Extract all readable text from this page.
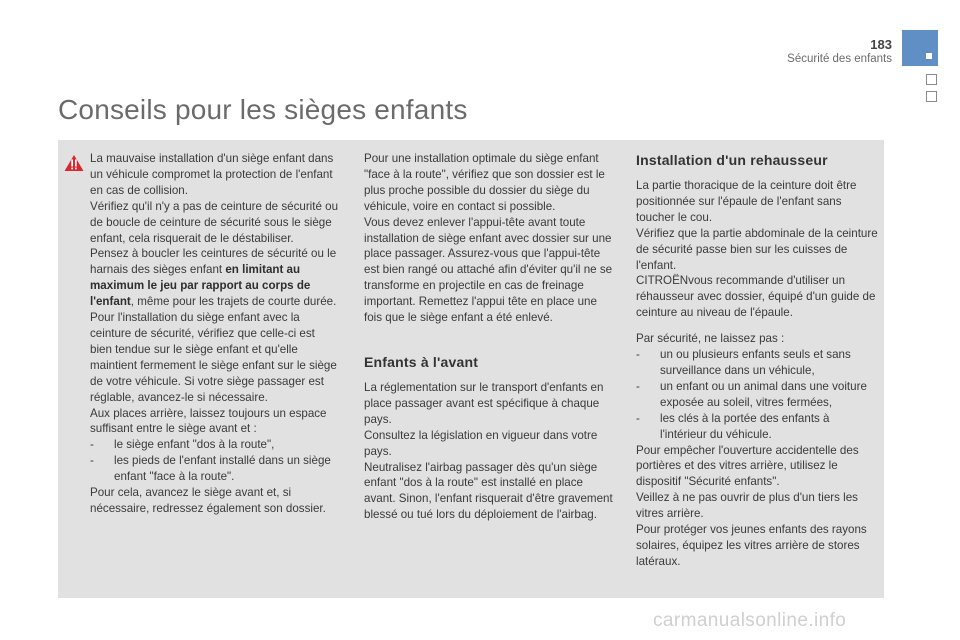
183
Sécurité des enfants
Conseils pour les sièges enfants

La mauvaise installation d'un siège enfant dans un véhicule compromet la protection de l'enfant en cas de collision.

Vérifiez qu'il n'y a pas de ceinture de sécurité ou de boucle de ceinture de sécurité sous le siège enfant, cela risquerait de le déstabiliser.

Pensez à boucler les ceintures de sécurité ou le harnais des sièges enfant en limitant au maximum le jeu par rapport au corps de l'enfant, même pour les trajets de courte durée.

Pour l'installation du siège enfant avec la ceinture de sécurité, vérifiez que celle-ci est bien tendue sur le siège enfant et qu'elle maintient fermement le siège enfant sur le siège de votre véhicule. Si votre siège passager est réglable, avancez-le si nécessaire.

Aux places arrière, laissez toujours un espace suffisant entre le siège avant et :

- le siège enfant "dos à la route",
- les pieds de l'enfant installé dans un siège enfant "face à la route".

Pour cela, avancez le siège avant et, si nécessaire, redressez également son dossier.

Pour une installation optimale du siège enfant "face à la route", vérifiez que son dossier est le plus proche possible du dossier du siège du véhicule, voire en contact si possible.

Vous devez enlever l'appui-tête avant toute installation de siège enfant avec dossier sur une place passager. Assurez-vous que l'appui-tête est bien rangé ou attaché afin d'éviter qu'il ne se transforme en projectile en cas de freinage important. Remettez l'appui tête en place une fois que le siège enfant a été enlevé.

Enfants à l'avant

La réglementation sur le transport d'enfants en place passager avant est spécifique à chaque pays.

Consultez la législation en vigueur dans votre pays.

Neutralisez l'airbag passager dès qu'un siège enfant "dos à la route" est installé en place avant. Sinon, l'enfant risquerait d'être gravement blessé ou tué lors du déploiement de l'airbag.

Installation d'un rehausseur

La partie thoracique de la ceinture doit être positionnée sur l'épaule de l'enfant sans toucher le cou.

Vérifiez que la partie abdominale de la ceinture de sécurité passe bien sur les cuisses de l'enfant.

CITROËNvous recommande d'utiliser un réhausseur avec dossier, équipé d'un guide de ceinture au niveau de l'épaule.

Par sécurité, ne laissez pas :

- un ou plusieurs enfants seuls et sans surveillance dans un véhicule,
- un enfant ou un animal dans une voiture exposée au soleil, vitres fermées,
- les clés à la portée des enfants à l'intérieur du véhicule.

Pour empêcher l'ouverture accidentelle des portières et des vitres arrière, utilisez le dispositif "Sécurité enfants".

Veillez à ne pas ouvrir de plus d'un tiers les vitres arrière.

Pour protéger vos jeunes enfants des rayons solaires, équipez les vitres arrière de stores latéraux.

carmanualsonline.info
